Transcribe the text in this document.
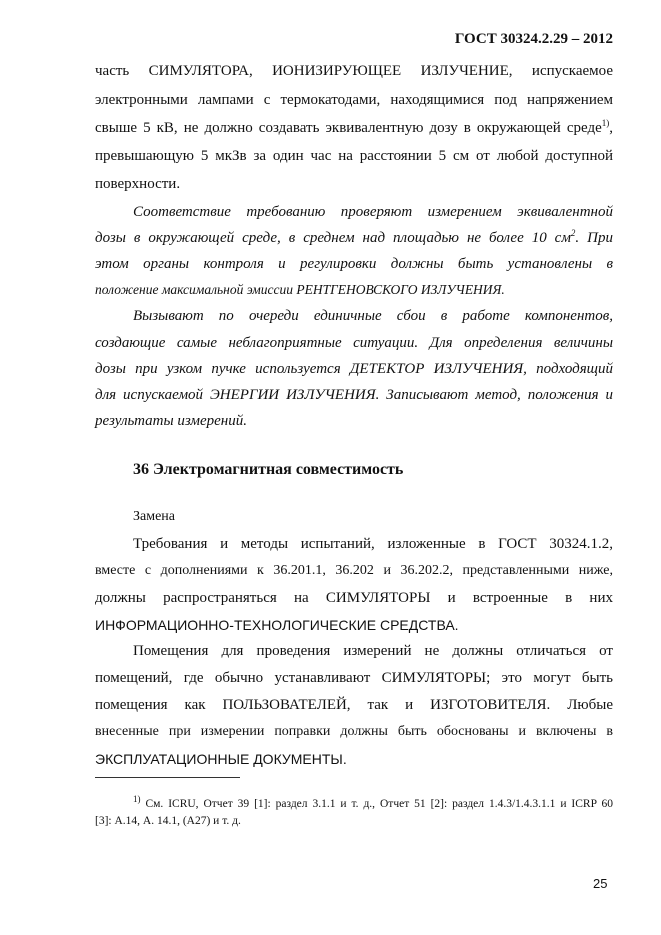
ГОСТ 30324.2.29 – 2012
часть СИМУЛЯТОРА, ИОНИЗИРУЮЩЕЕ ИЗЛУЧЕНИЕ, испускаемое
электронными лампами с термокатодами, находящимися под напряжением
свыше 5 кВ, не должно создавать эквивалентную дозу в окружающей среде$^{1)}$,
превышающую 5 мкЗв за один час на расстоянии 5 см от любой доступной
поверхности.
Соответствие требованию проверяют измерением эквивалентной
дозы в окружающей среде, в среднем над площадью не более 10 $см^2$. При
этом органы контроля и регулировки должны быть установлены в
положение максимальной эмиссии РЕНТГЕНОВСКОГО ИЗЛУЧЕНИЯ.
Вызывают по очереди единичные сбои в работе компонентов,
создающие самые неблагоприятные ситуации. Для определения величины
дозы при узком пучке используется ДЕТЕКТОР ИЗЛУЧЕНИЯ, подходящий
для испускаемой ЭНЕРГИИ ИЗЛУЧЕНИЯ. Записывают метод, положения и
результаты измерений.
36 Электромагнитная совместимость
Замена
Требования и методы испытаний, изложенные в ГОСТ 30324.1.2,
вместе с дополнениями к 36.201.1, 36.202 и 36.202.2, представленными ниже,
должны распространяться на СИМУЛЯТОРЫ и встроенные в них
ИНФОРМАЦИОННО-ТЕХНОЛОГИЧЕСКИЕ СРЕДСТВА.
Помещения для проведения измерений не должны отличаться от
помещений, где обычно устанавливают СИМУЛЯТОРЫ; это могут быть
помещения как ПОЛЬЗОВАТЕЛЕЙ, так и ИЗГОТОВИТЕЛЯ. Любые
внесенные при измерении поправки должны быть обоснованы и включены в
ЭКСПЛУАТАЦИОННЫЕ ДОКУМЕНТЫ.
$^{1)}$ См. ICRU, Отчет 39 [1]: раздел 3.1.1 и т. д., Отчет 51 [2]: раздел 1.4.3/1.4.3.1.1 и ICRP 60
[3]: А.14, А. 14.1, (А27) и т. д.
25
